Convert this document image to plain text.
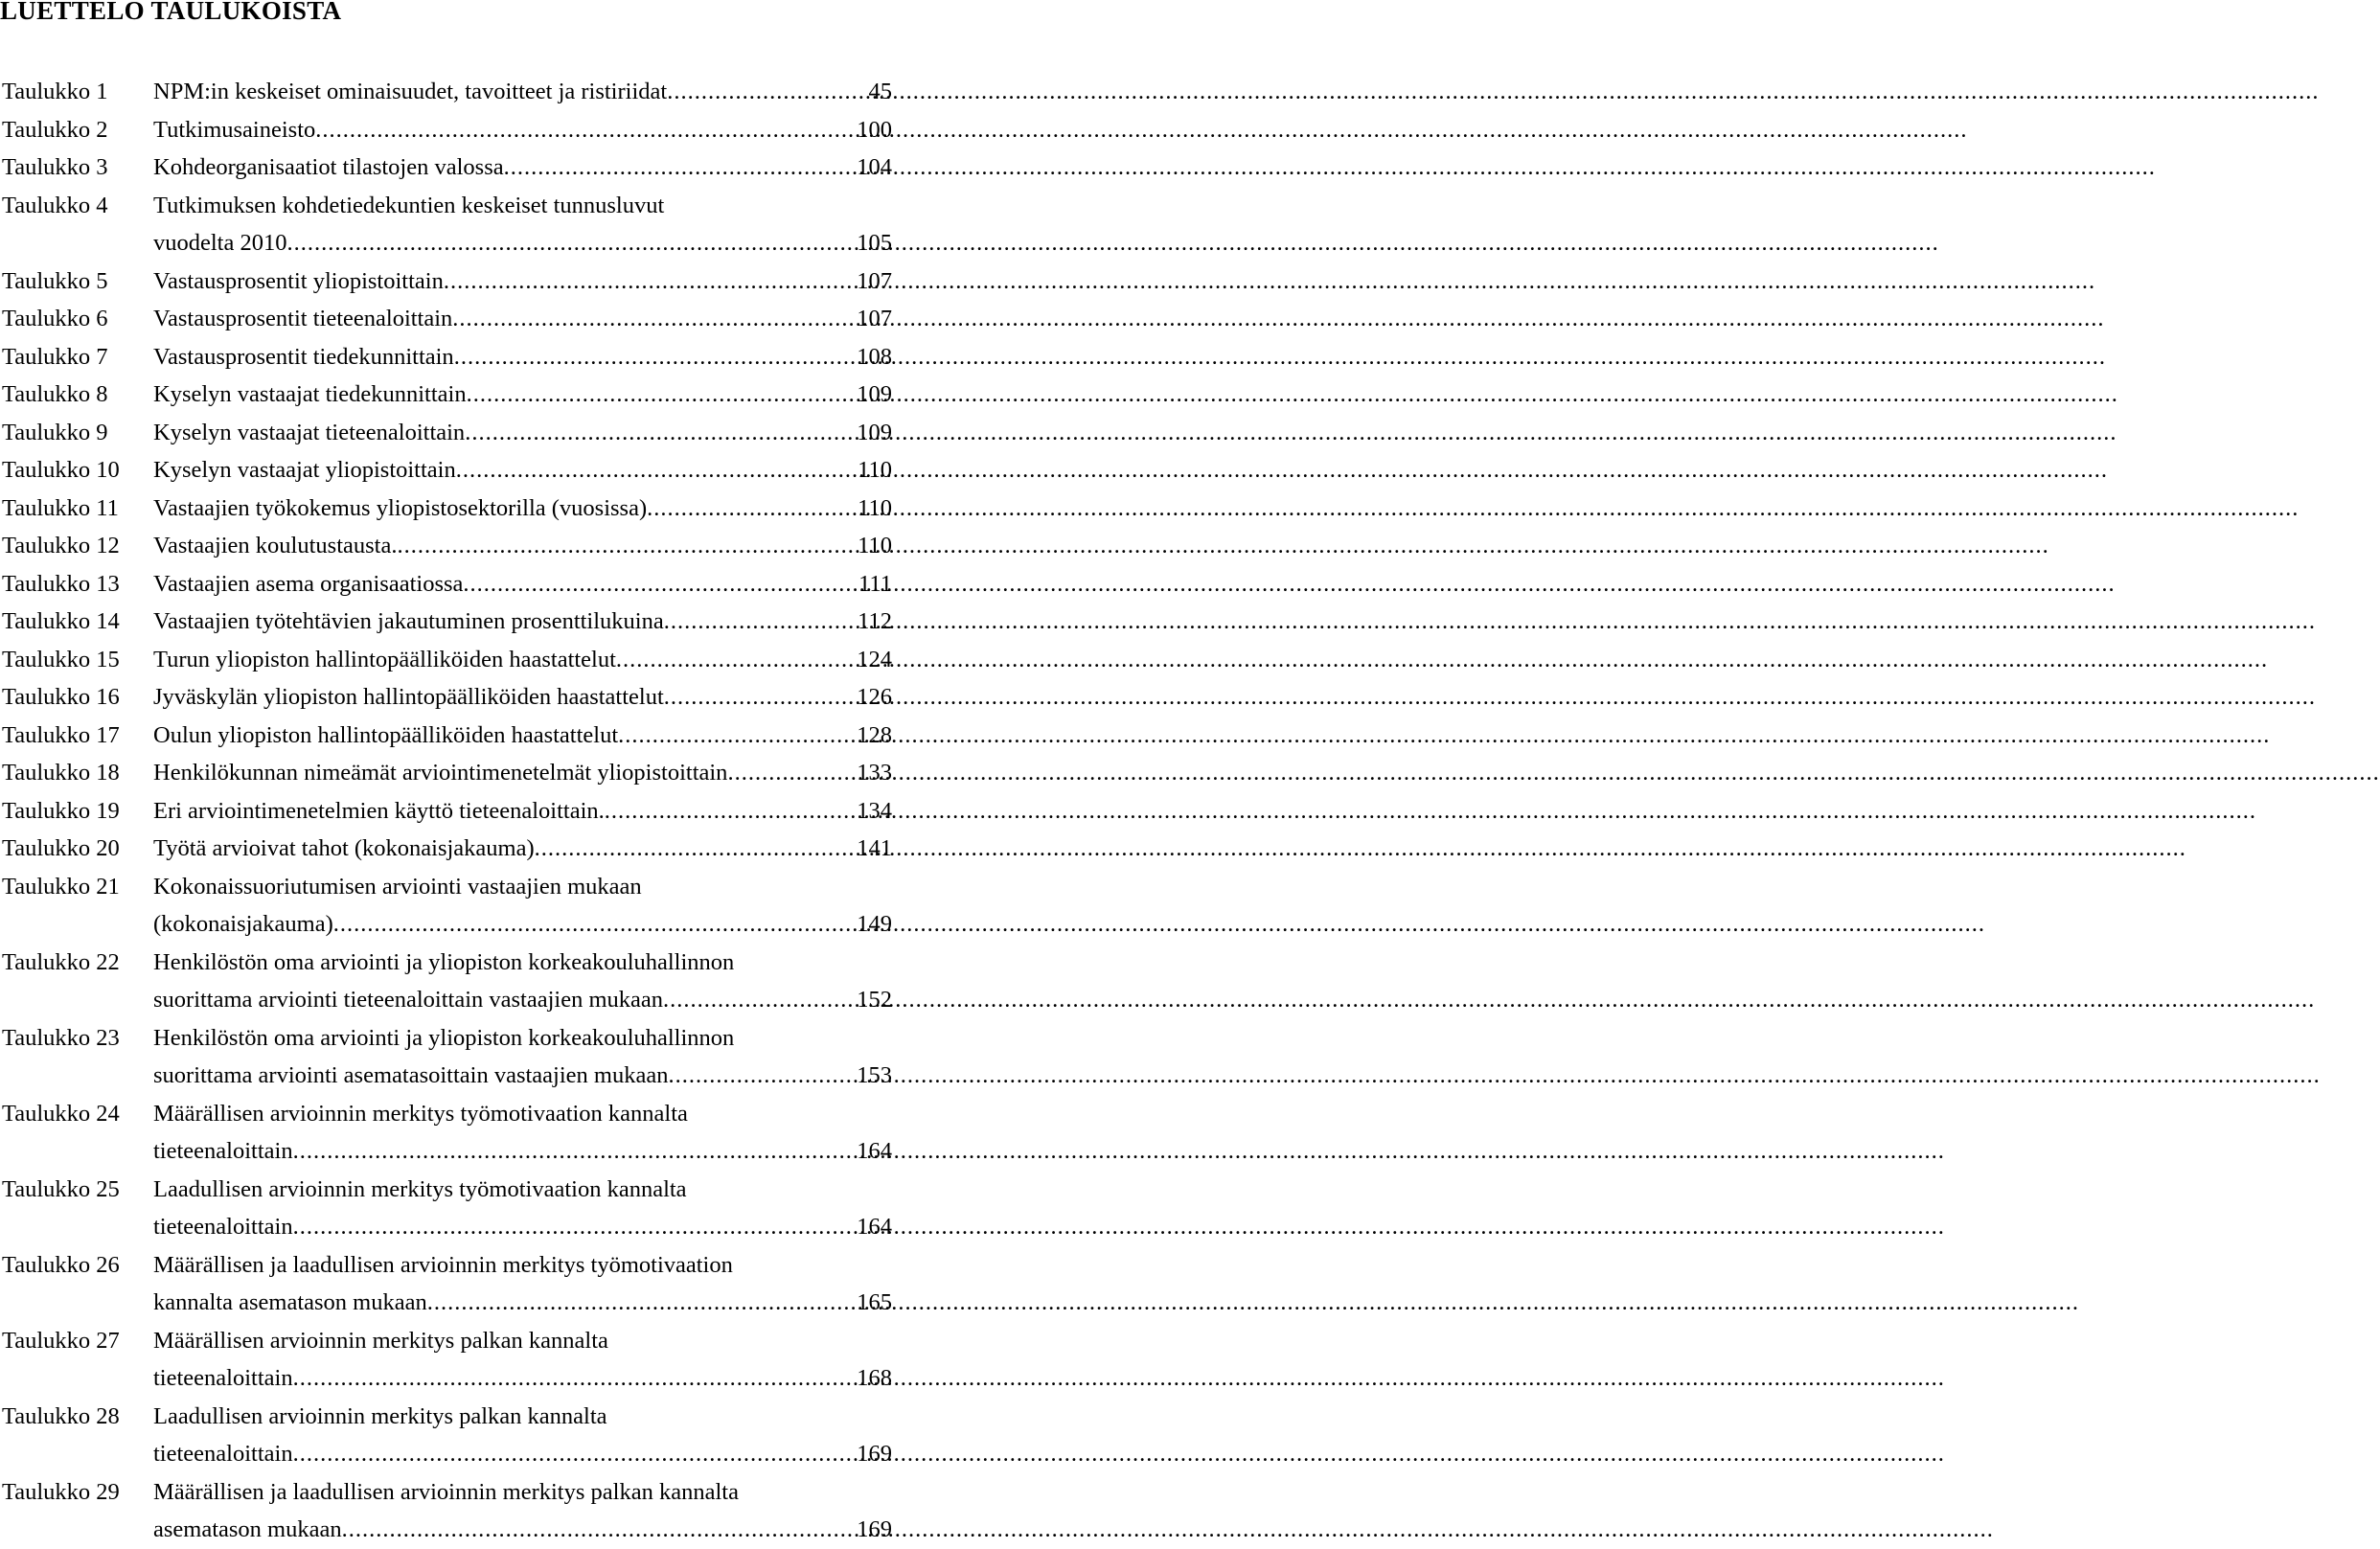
LUETTELO TAULUKOISTA
Taulukko 1	NPM:in keskeiset ominaisuudet, tavoitteet ja ristiriidat .....	45
Taulukko 2	Tutkimusaineisto .....	100
Taulukko 3	Kohdeorganisaatiot tilastojen valossa .....	104
Taulukko 4	Tutkimuksen kohdetiedekuntien keskeiset tunnusluvut
vuodelta 2010 .....	105
Taulukko 5	Vastausprosentit yliopistoittain .....	107
Taulukko 6	Vastausprosentit tieteenaloittain .....	107
Taulukko 7	Vastausprosentit tiedekunnittain .....	108
Taulukko 8	Kyselyn vastaajat tiedekunnittain .....	109
Taulukko 9	Kyselyn vastaajat tieteenaloittain .....	109
Taulukko 10	Kyselyn vastaajat yliopistoittain .....	110
Taulukko 11	Vastaajien työkokemus yliopistosektorilla (vuosissa) .....	110
Taulukko 12	Vastaajien koulutustausta. .....	110
Taulukko 13	Vastaajien asema organisaatiossa .....	111
Taulukko 14	Vastaajien työtehtävien jakautuminen prosenttilukuina .....	112
Taulukko 15	Turun yliopiston hallintopäälliköiden haastattelut .....	124
Taulukko 16	Jyväskylän yliopiston hallintopäälliköiden haastattelut .....	126
Taulukko 17	Oulun yliopiston hallintopäälliköiden haastattelut .....	128
Taulukko 18	Henkilökunnan nimeämät arviointimenetelmät yliopistoittain .....	133
Taulukko 19	Eri arviointimenetelmien käyttö tieteenaloittain. .....	134
Taulukko 20	Työtä arvioivat tahot (kokonaisjakauma) .....	141
Taulukko 21	Kokonaissuoriutumisen arviointi vastaajien mukaan
(kokonaisjakauma) .....	149
Taulukko 22	Henkilöstön oma arviointi ja yliopiston korkeakouluhallinnon
suorittama arviointi tieteenaloittain vastaajien mukaan .....	152
Taulukko 23	Henkilöstön oma arviointi ja yliopiston korkeakouluhallinnon
suorittama arviointi asematasoittain vastaajien mukaan .....	153
Taulukko 24	Määrällisen arvioinnin merkitys työmotivaation kannalta
tieteenaloittain .....	164
Taulukko 25	Laadullisen arvioinnin merkitys työmotivaation kannalta
tieteenaloittain .....	164
Taulukko 26	Määrällisen ja laadullisen arvioinnin merkitys työmotivaation
kannalta asematason mukaan .....	165
Taulukko 27	Määrällisen arvioinnin merkitys palkan kannalta
tieteenaloittain .....	168
Taulukko 28	Laadullisen arvioinnin merkitys palkan kannalta
tieteenaloittain .....	169
Taulukko 29	Määrällisen ja laadullisen arvioinnin merkitys palkan kannalta
asematason mukaan .....	169
